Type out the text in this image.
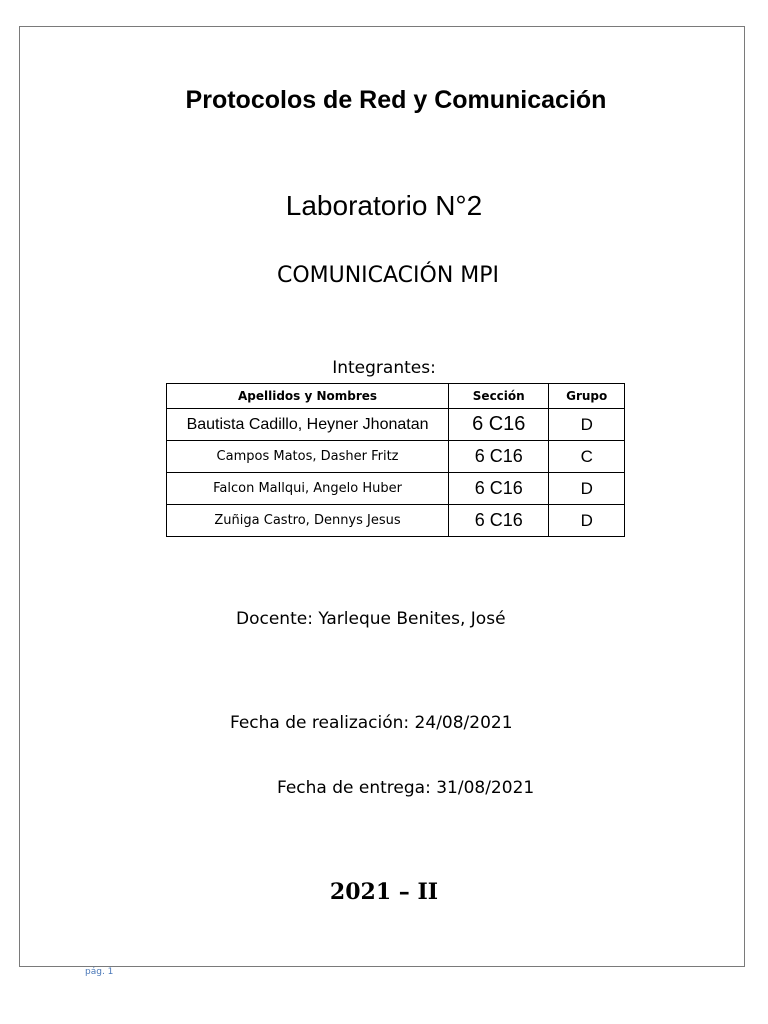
Protocolos de Red y Comunicación
Laboratorio N°2
COMUNICACIÓN MPI
Integrantes:
Apellidos y Nombres	Sección	Grupo
Bautista Cadillo, Heyner Jhonatan	6 C16	D
Campos Matos, Dasher Fritz	6 C16	C
Falcon Mallqui, Angelo Huber	6 C16	D
Zuñiga Castro, Dennys Jesus	6 C16	D
Docente: Yarleque Benites, José
Fecha de realización: 24/08/2021
Fecha de entrega: 31/08/2021
2021 – II
pág. 1
